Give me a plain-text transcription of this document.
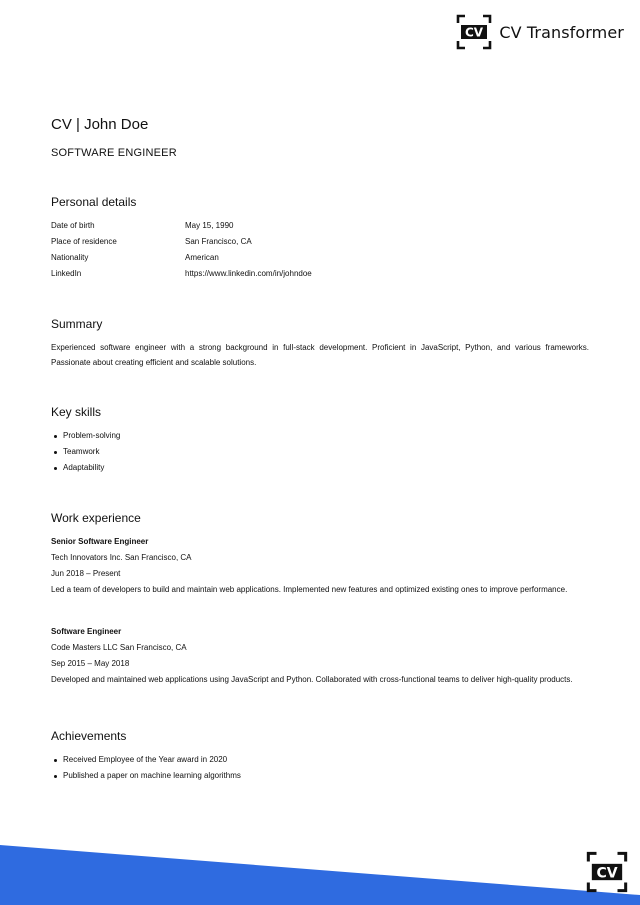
CV CV Transformer
CV | John Doe
SOFTWARE ENGINEER
Personal details
Date of birth	May 15, 1990
Place of residence	San Francisco, CA
Nationality	American
LinkedIn	https://www.linkedin.com/in/johndoe
Summary

Experienced software engineer with a strong background in full-stack development. Proficient in JavaScript, Python, and various frameworks. Passionate about creating efficient and scalable solutions.

Key skills
Problem-solving
Teamwork
Adaptability
Work experience
Senior Software Engineer
Tech Innovators Inc. San Francisco, CA
Jun 2018 – Present
Led a team of developers to build and maintain web applications. Implemented new features and optimized existing ones to improve performance.
Software Engineer
Code Masters LLC San Francisco, CA
Sep 2015 – May 2018
Developed and maintained web applications using JavaScript and Python. Collaborated with cross-functional teams to deliver high-quality products.
Achievements
Received Employee of the Year award in 2020
Published a paper on machine learning algorithms
CV
